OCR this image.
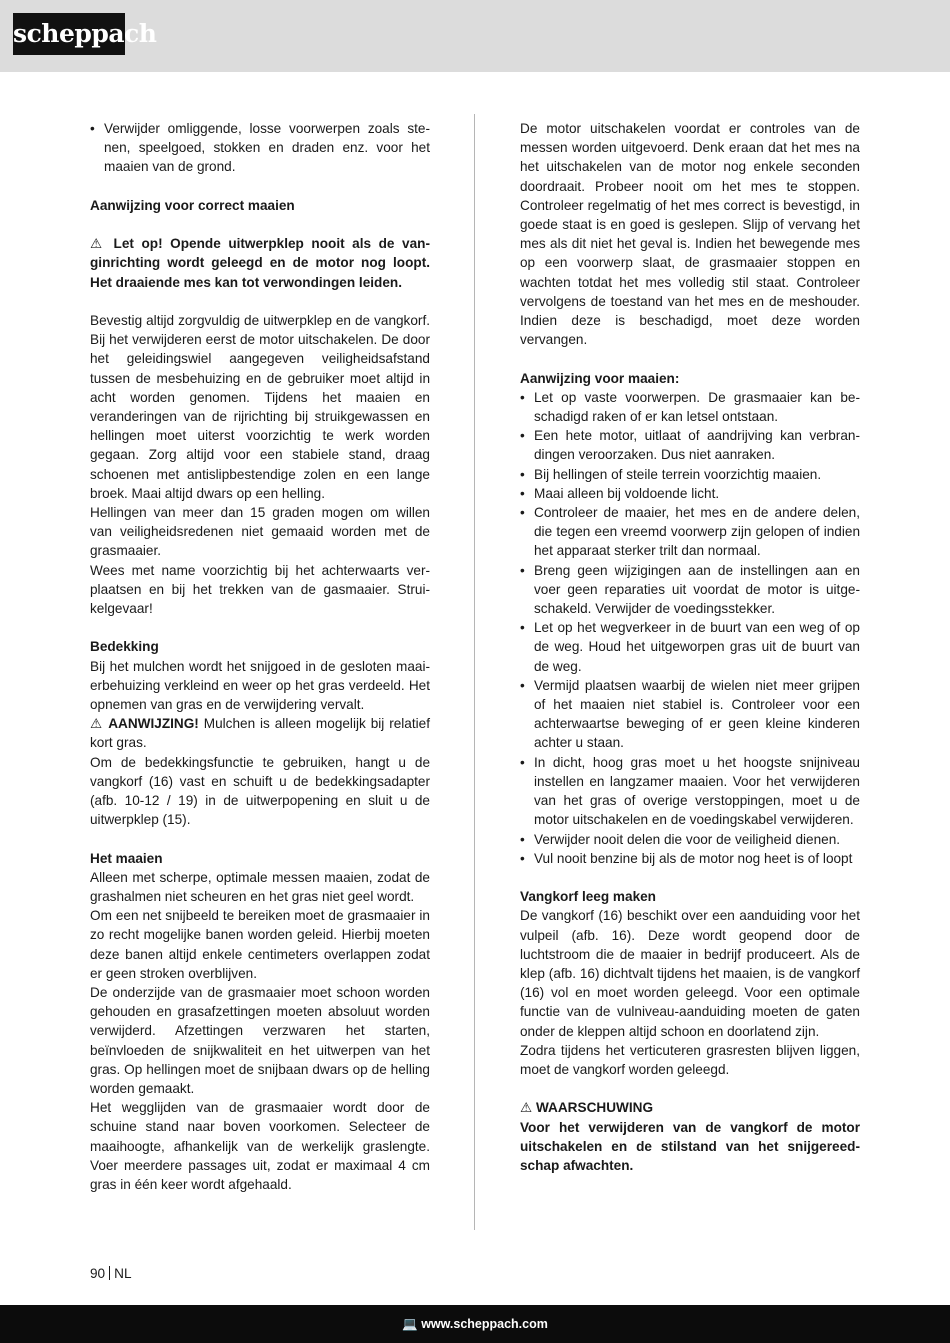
scheppach

• Verwijder omliggende, losse voorwerpen zoals stenen, speelgoed, stokken en draden enz. voor het maaien van de grond.

Aanwijzing voor correct maaien

⚠ Let op! Opende uitwerpklep nooit als de vanginrichting wordt geleegd en de motor nog loopt. Het draaiende mes kan tot verwondingen leiden.

Bevestig altijd zorgvuldig de uitwerpklep en de vangkorf. Bij het verwijderen eerst de motor uitschakelen. De door het geleidingswiel aangegeven veiligheidsafstand tussen de mesbehuizing en de gebruiker moet altijd in acht worden genomen. Tijdens het maaien en veranderingen van de rijrichting bij struikgewassen en hellingen moet uiterst voorzichtig te werk worden gegaan. Zorg altijd voor een stabiele stand, draag schoenen met antislipbestendige zolen en een lange broek. Maai altijd dwars op een helling.

Hellingen van meer dan 15 graden mogen om willen van veiligheidsredenen niet gemaaid worden met de grasmaaier.

Wees met name voorzichtig bij het achterwaarts verplaatsen en bij het trekken van de gasmaaier. Struikelgevaar!

Bedekking

Bij het mulchen wordt het snijgoed in de gesloten maaierbehuizing verkleind en weer op het gras verdeeld. Het opnemen van gras en de verwijdering vervalt.

⚠ AANWIJZING! Mulchen is alleen mogelijk bij relatief kort gras.

Om de bedekkingsfunctie te gebruiken, hangt u de vangkorf (16) vast en schuift u de bedekkingsadapter (afb. 10-12 / 19) in de uitwerpopening en sluit u de uitwerpklep (15).

Het maaien

Alleen met scherpe, optimale messen maaien, zodat de grashalmen niet scheuren en het gras niet geel wordt.

Om een net snijbeeld te bereiken moet de grasmaaier in zo recht mogelijke banen worden geleid. Hierbij moeten deze banen altijd enkele centimeters overlappen zodat er geen stroken overblijven.

De onderzijde van de grasmaaier moet schoon worden gehouden en grasafzettingen moeten absoluut worden verwijderd. Afzettingen verzwaren het starten, beïnvloeden de snijkwaliteit en het uitwerpen van het gras. Op hellingen moet de snijbaan dwars op de helling worden gemaakt.

Het wegglijden van de grasmaaier wordt door de schuine stand naar boven voorkomen. Selecteer de maaihoogte, afhankelijk van de werkelijk graslengte. Voer meerdere passages uit, zodat er maximaal 4 cm gras in één keer wordt afgehaald.

De motor uitschakelen voordat er controles van de messen worden uitgevoerd. Denk eraan dat het mes na het uitschakelen van de motor nog enkele seconden doordraait. Probeer nooit om het mes te stoppen. Controleer regelmatig of het mes correct is bevestigd, in goede staat is en goed is geslepen. Slijp of vervang het mes als dit niet het geval is. Indien het bewegende mes op een voorwerp slaat, de grasmaaier stoppen en wachten totdat het mes volledig stil staat. Controleer vervolgens de toestand van het mes en de meshouder. Indien deze is beschadigd, moet deze worden vervangen.

Aanwijzing voor maaien:

• Let op vaste voorwerpen. De grasmaaier kan beschadigd raken of er kan letsel ontstaan.

• Een hete motor, uitlaat of aandrijving kan verbrandingen veroorzaken. Dus niet aanraken.

• Bij hellingen of steile terrein voorzichtig maaien.

• Maai alleen bij voldoende licht.

• Controleer de maaier, het mes en de andere delen, die tegen een vreemd voorwerp zijn gelopen of indien het apparaat sterker trilt dan normaal.

• Breng geen wijzigingen aan de instellingen aan en voer geen reparaties uit voordat de motor is uitgeschakeld. Verwijder de voedingsstekker.

• Let op het wegverkeer in de buurt van een weg of op de weg. Houd het uitgeworpen gras uit de buurt van de weg.

• Vermijd plaatsen waarbij de wielen niet meer grijpen of het maaien niet stabiel is. Controleer voor een achterwaartse beweging of er geen kleine kinderen achter u staan.

• In dicht, hoog gras moet u het hoogste snijniveau instellen en langzamer maaien. Voor het verwijderen van het gras of overige verstoppingen, moet u de motor uitschakelen en de voedingskabel verwijderen.

• Verwijder nooit delen die voor de veiligheid dienen.

• Vul nooit benzine bij als de motor nog heet is of loopt

Vangkorf leeg maken

De vangkorf (16) beschikt over een aanduiding voor het vulpeil (afb. 16). Deze wordt geopend door de luchtstroom die de maaier in bedrijf produceert. Als de klep (afb. 16) dichtvalt tijdens het maaien, is de vangkorf (16) vol en moet worden geleegd. Voor een optimale functie van de vulniveau-aanduiding moeten de gaten onder de kleppen altijd schoon en doorlatend zijn.

Zodra tijdens het verticuteren grasresten blijven liggen, moet de vangkorf worden geleegd.

⚠ WAARSCHUWING

Voor het verwijderen van de vangkorf de motor uitschakelen en de stilstand van het snijgereedschap afwachten.

90 NL
💻 www.scheppach.com
